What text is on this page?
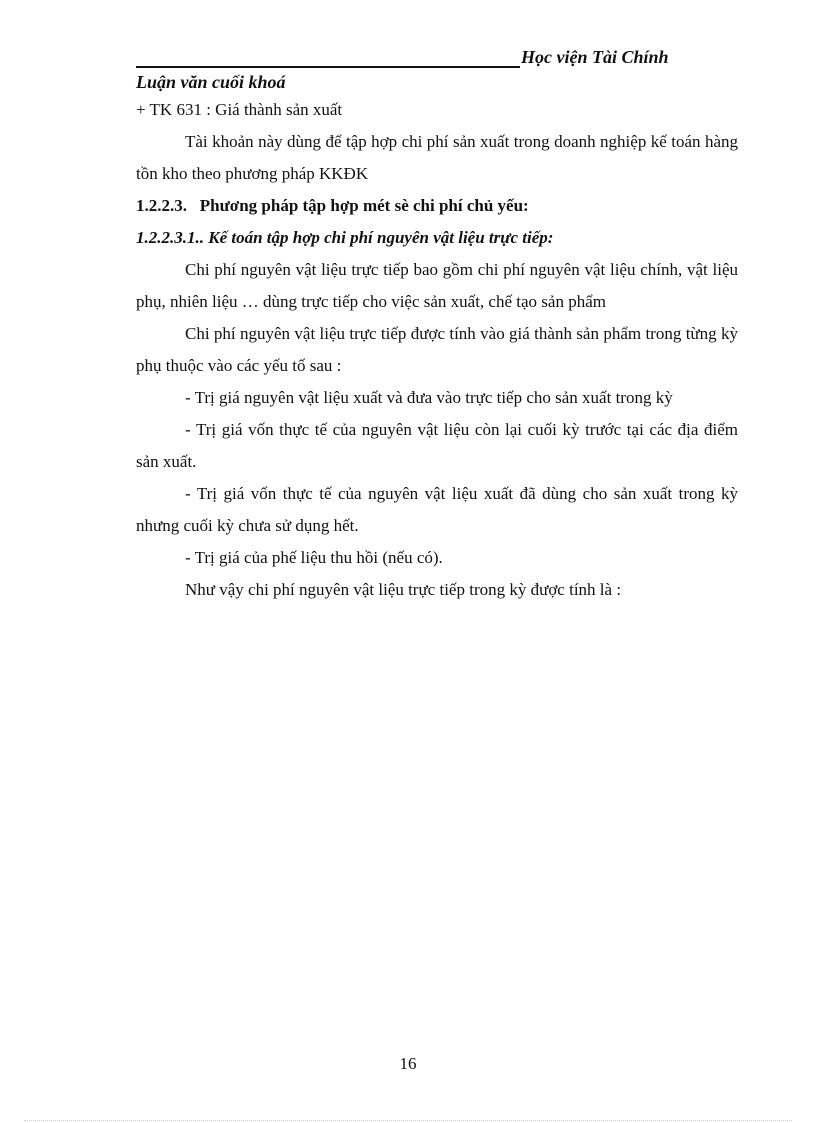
Học viện Tài Chính
Luận văn cuối khoá

+ TK 631 : Giá thành sản xuất

Tài khoản này dùng để tập hợp chi phí sản xuất trong doanh nghiệp kế toán hàng tồn kho theo phương pháp KKĐK

1.2.2.3.   Phương pháp tập hợp mét sè chi phí chủ yếu:

1.2.2.3.1.. Kế toán tập hợp chi phí nguyên vật liệu trực tiếp:

Chi phí nguyên vật liệu trực tiếp bao gồm chi phí nguyên vật liệu chính, vật liệu phụ, nhiên liệu … dùng trực tiếp cho việc sản xuất, chế tạo sản phẩm

Chi phí nguyên vật liệu trực tiếp được tính vào giá thành sản phẩm trong từng kỳ phụ thuộc vào các yếu tố sau :

- Trị giá nguyên vật liệu xuất và đưa vào trực tiếp cho sản xuất trong kỳ

- Trị giá vốn thực tế của nguyên vật liệu còn lại cuối kỳ trước tại các địa điểm sản xuất.

- Trị giá vốn thực tế của nguyên vật liệu xuất đã dùng cho sản xuất trong kỳ nhưng cuối kỳ chưa sử dụng hết.

- Trị giá của phế liệu thu hồi (nếu có).

Như vậy chi phí nguyên vật liệu trực tiếp trong kỳ được tính là :

16
